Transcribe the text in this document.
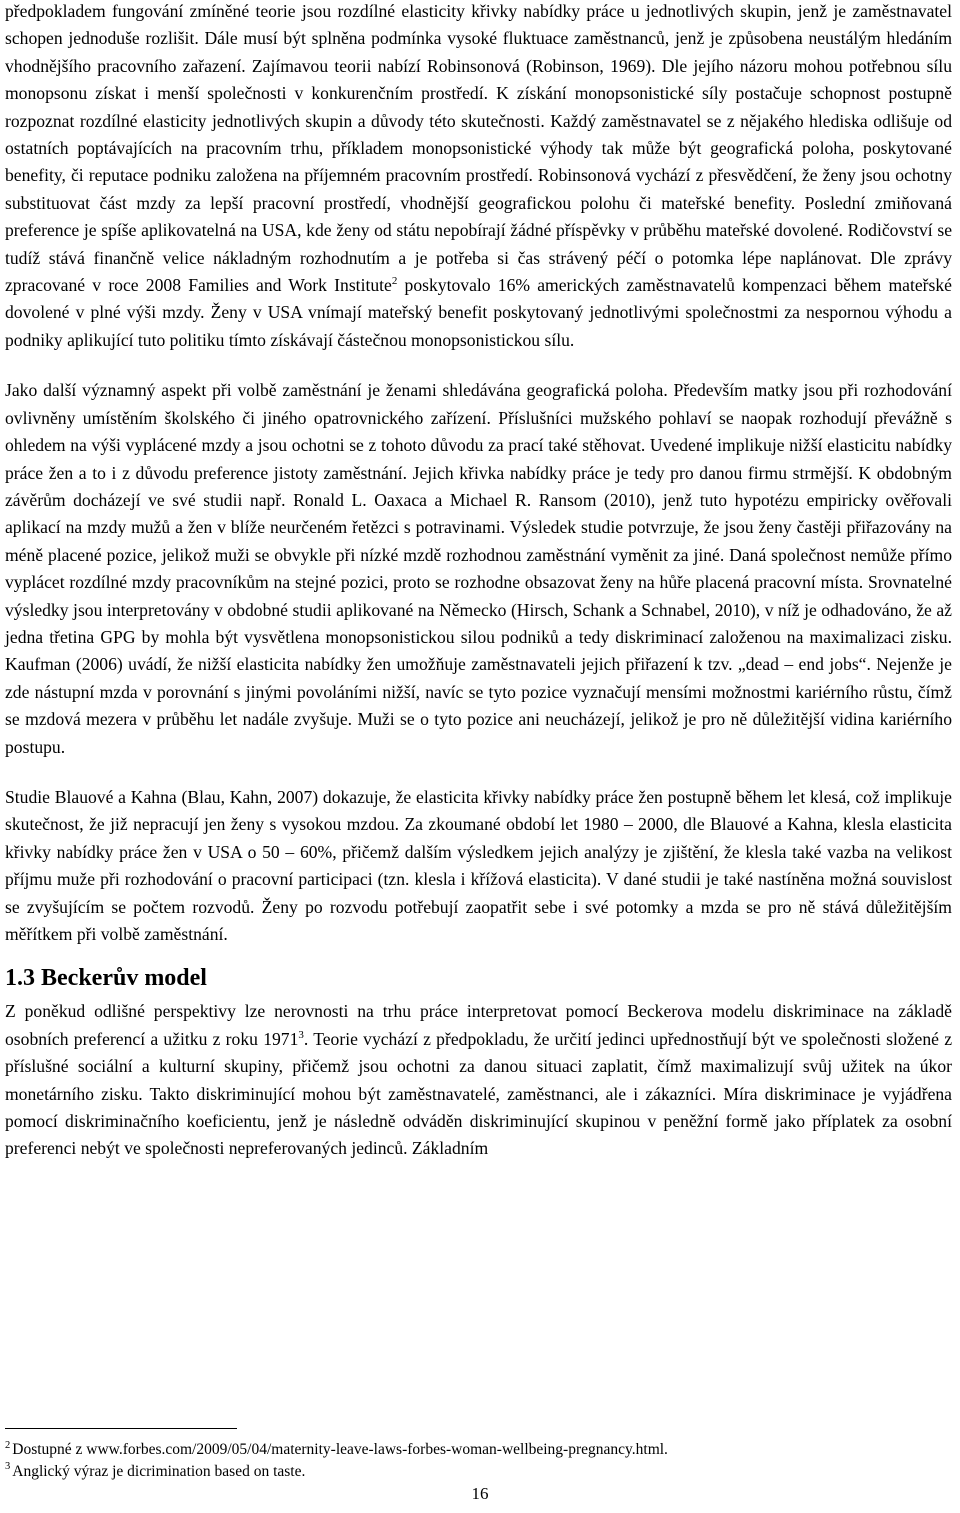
předpokladem fungování zmíněné teorie jsou rozdílné elasticity křivky nabídky práce u jednotlivých skupin, jenž je zaměstnavatel schopen jednoduše rozlišit. Dále musí být splněna podmínka vysoké fluktuace zaměstnanců, jenž je způsobena neustálým hledáním vhodnějšího pracovního zařazení. Zajímavou teorii nabízí Robinsonová (Robinson, 1969). Dle jejího názoru mohou potřebnou sílu monopsonu získat i menší společnosti v konkurenčním prostředí. K získání monopsonistické síly postačuje schopnost postupně rozpoznat rozdílné elasticity jednotlivých skupin a důvody této skutečnosti. Každý zaměstnavatel se z nějakého hlediska odlišuje od ostatních poptávajících na pracovním trhu, příkladem monopsonistické výhody tak může být geografická poloha, poskytované benefity, či reputace podniku založena na příjemném pracovním prostředí. Robinsonová vychází z přesvědčení, že ženy jsou ochotny substituovat část mzdy za lepší pracovní prostředí, vhodnější geografickou polohu či mateřské benefity. Poslední zmiňovaná preference je spíše aplikovatelná na USA, kde ženy od státu nepobírají žádné příspěvky v průběhu mateřské dovolené. Rodičovství se tudíž stává finančně velice nákladným rozhodnutím a je potřeba si čas strávený péčí o potomka lépe naplánovat. Dle zprávy zpracované v roce 2008 Families and Work Institute$^2$ poskytovalo 16% amerických zaměstnavatelů kompenzaci během mateřské dovolené v plné výši mzdy. Ženy v USA vnímají mateřský benefit poskytovaný jednotlivými společnostmi za nespornou výhodu a podniky aplikující tuto politiku tímto získávají částečnou monopsonistickou sílu.

Jako další významný aspekt při volbě zaměstnání je ženami shledávána geografická poloha. Především matky jsou při rozhodování ovlivněny umístěním školského či jiného opatrovnického zařízení. Příslušníci mužského pohlaví se naopak rozhodují převážně s ohledem na výši vyplácené mzdy a jsou ochotni se z tohoto důvodu za prací také stěhovat. Uvedené implikuje nižší elasticitu nabídky práce žen a to i z důvodu preference jistoty zaměstnání. Jejich křivka nabídky práce je tedy pro danou firmu strmější. K obdobným závěrům docházejí ve své studii např. Ronald L. Oaxaca a Michael R. Ransom (2010), jenž tuto hypotézu empiricky ověřovali aplikací na mzdy mužů a žen v blíže neurčeném řetězci s potravinami. Výsledek studie potvrzuje, že jsou ženy častěji přiřazovány na méně placené pozice, jelikož muži se obvykle při nízké mzdě rozhodnou zaměstnání vyměnit za jiné. Daná společnost nemůže přímo vyplácet rozdílné mzdy pracovníkům na stejné pozici, proto se rozhodne obsazovat ženy na hůře placená pracovní místa. Srovnatelné výsledky jsou interpretovány v obdobné studii aplikované na Německo (Hirsch, Schank a Schnabel, 2010), v níž je odhadováno, že až jedna třetina GPG by mohla být vysvětlena monopsonistickou silou podniků a tedy diskriminací založenou na maximalizaci zisku. Kaufman (2006) uvádí, že nižší elasticita nabídky žen umožňuje zaměstnavateli jejich přiřazení k tzv. „dead – end jobs“. Nejenže je zde nástupní mzda v porovnání s jinými povoláními nižší, navíc se tyto pozice vyznačují mensími možnostmi kariérního růstu, čímž se mzdová mezera v průběhu let nadále zvyšuje. Muži se o tyto pozice ani neucházejí, jelikož je pro ně důležitější vidina kariérního postupu.

Studie Blauové a Kahna (Blau, Kahn, 2007) dokazuje, že elasticita křivky nabídky práce žen postupně během let klesá, což implikuje skutečnost, že již nepracují jen ženy s vysokou mzdou. Za zkoumané období let 1980 – 2000, dle Blauové a Kahna, klesla elasticita křivky nabídky práce žen v USA o 50 – 60%, přičemž dalším výsledkem jejich analýzy je zjištění, že klesla také vazba na velikost příjmu muže při rozhodování o pracovní participaci (tzn. klesla i křížová elasticita). V dané studii je také nastíněna možná souvislost se zvyšujícím se počtem rozvodů. Ženy po rozvodu potřebují zaopatřit sebe i své potomky a mzda se pro ně stává důležitějším měřítkem při volbě zaměstnání.

1.3 Beckerův model

Z poněkud odlišné perspektivy lze nerovnosti na trhu práce interpretovat pomocí Beckerova modelu diskriminace na základě osobních preferencí a užitku z roku 1971$^3$. Teorie vychází z předpokladu, že určití jedinci upřednostňují být ve společnosti složené z příslušné sociální a kulturní skupiny, přičemž jsou ochotni za danou situaci zaplatit, čímž maximalizují svůj užitek na úkor monetárního zisku. Takto diskriminující mohou být zaměstnavatelé, zaměstnanci, ale i zákazníci. Míra diskriminace je vyjádřena pomocí diskriminačního koeficientu, jenž je následně odváděn diskriminující skupinou v peněžní formě jako příplatek za osobní preferenci nebýt ve společnosti nepreferovaných jedinců. Základním

$^2$ Dostupné z www.forbes.com/2009/05/04/maternity-leave-laws-forbes-woman-wellbeing-pregnancy.html.
$^3$ Anglický výraz je dicrimination based on taste.
16
